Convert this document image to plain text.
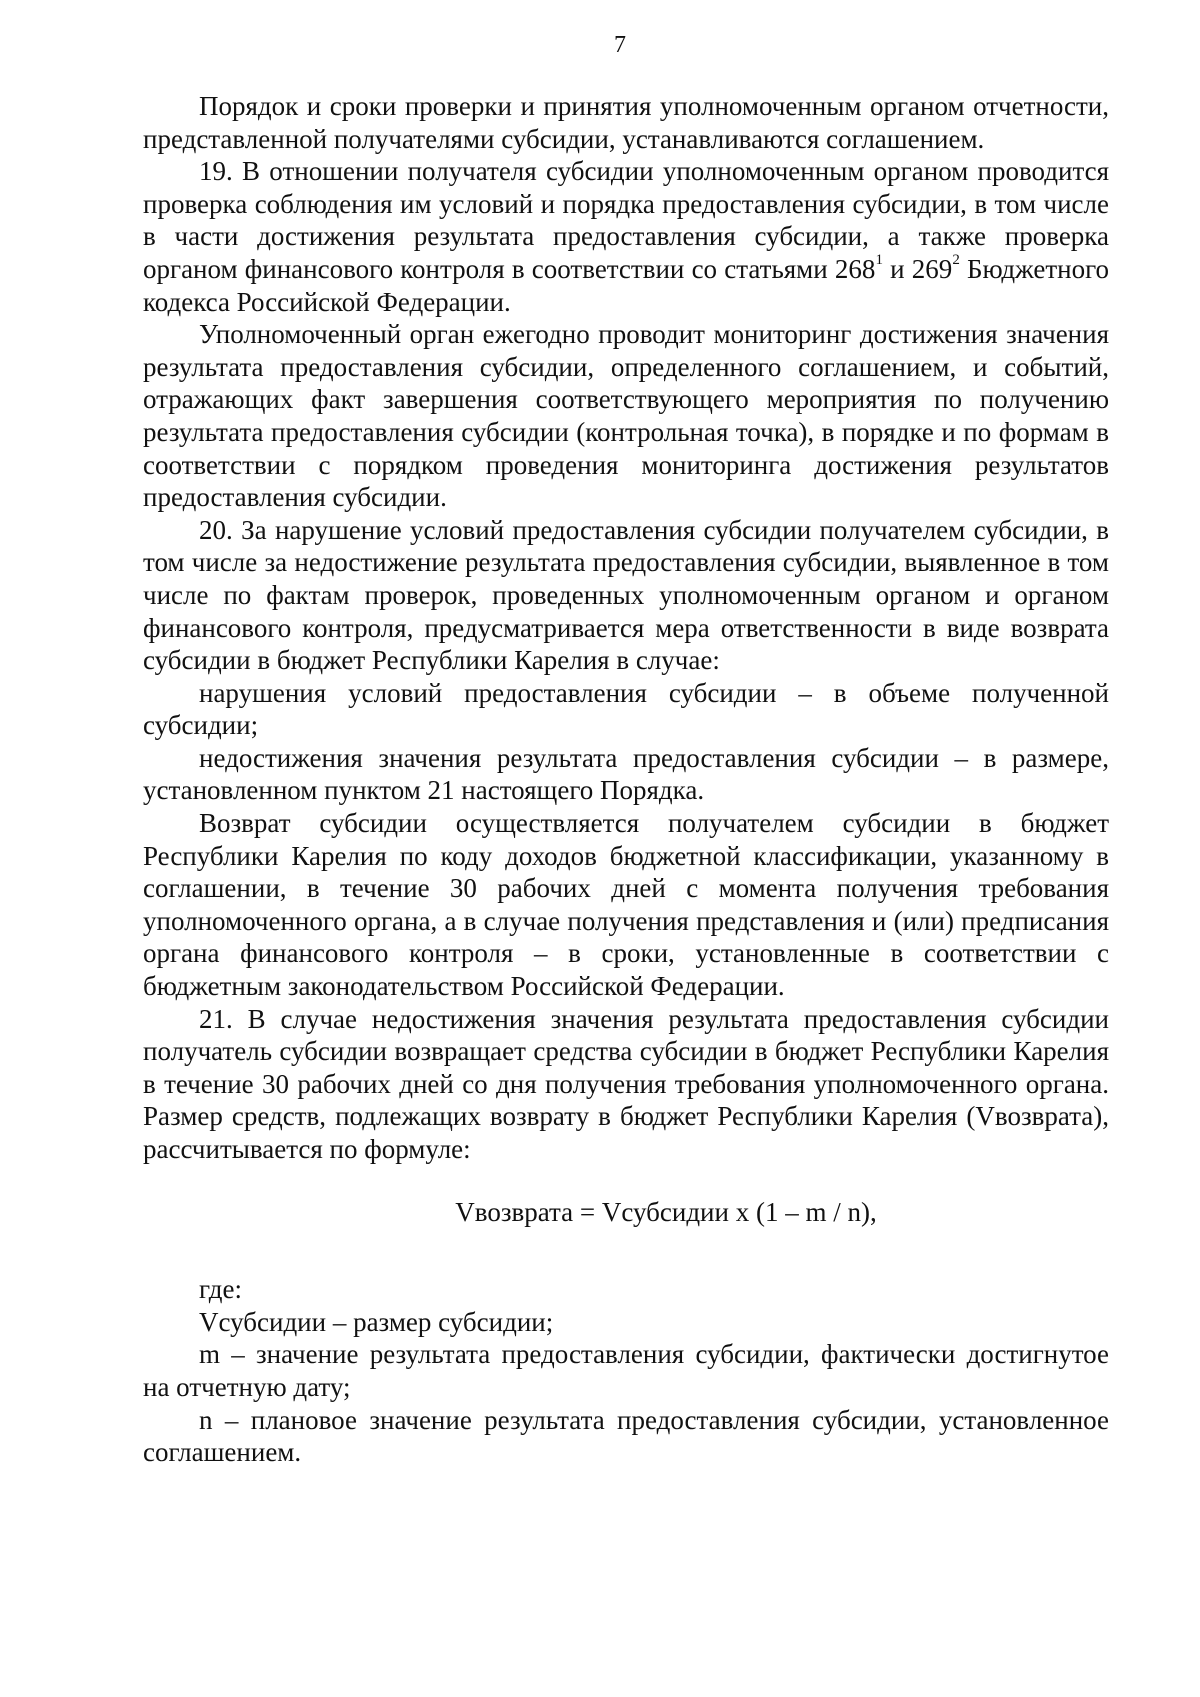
7

Порядок и сроки проверки и принятия уполномоченным органом отчетности, представленной получателями субсидии, устанавливаются соглашением.

19. В отношении получателя субсидии уполномоченным органом проводится проверка соблюдения им условий и порядка предоставления субсидии, в том числе в части достижения результата предоставления субсидии, а также проверка органом финансового контроля в соответствии со статьями $268^1$ и $269^2$ Бюджетного кодекса Российской Федерации.

Уполномоченный орган ежегодно проводит мониторинг достижения значения результата предоставления субсидии, определенного соглашением, и событий, отражающих факт завершения соответствующего мероприятия по получению результата предоставления субсидии (контрольная точка), в порядке и по формам в соответствии с порядком проведения мониторинга достижения результатов предоставления субсидии.

20. За нарушение условий предоставления субсидии получателем субсидии, в том числе за недостижение результата предоставления субсидии, выявленное в том числе по фактам проверок, проведенных уполномоченным органом и органом финансового контроля, предусматривается мера ответственности в виде возврата субсидии в бюджет Республики Карелия в случае:

нарушения условий предоставления субсидии – в объеме полученной субсидии;

недостижения значения результата предоставления субсидии – в размере, установленном пунктом 21 настоящего Порядка.

Возврат субсидии осуществляется получателем субсидии в бюджет Республики Карелия по коду доходов бюджетной классификации, указанному в соглашении, в течение 30 рабочих дней с момента получения требования уполномоченного органа, а в случае получения представления и (или) предписания органа финансового контроля – в сроки, установленные в соответствии с бюджетным законодательством Российской Федерации.

21. В случае недостижения значения результата предоставления субсидии получатель субсидии возвращает средства субсидии в бюджет Республики Карелия в течение 30 рабочих дней со дня получения требования уполномоченного органа. Размер средств, подлежащих возврату в бюджет Республики Карелия (Vвозврата), рассчитывается по формуле:

Vвозврата = Vсубсидии x (1 – m / n),

где:

Vсубсидии – размер субсидии;

m – значение результата предоставления субсидии, фактически достигнутое на отчетную дату;

n – плановое значение результата предоставления субсидии, установленное соглашением.
